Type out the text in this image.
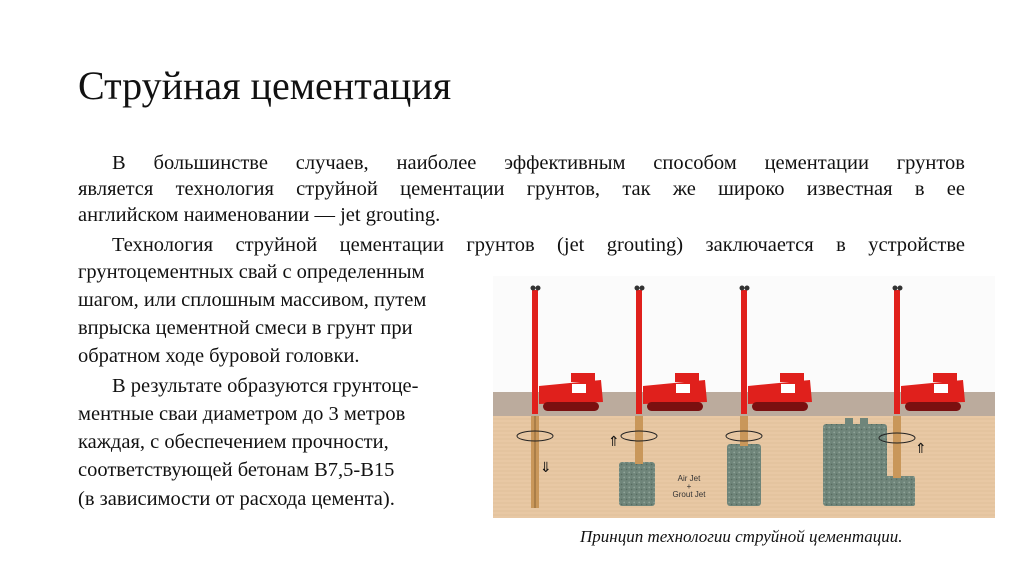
Струйная цементация
В большинстве случаев, наиболее эффективным способом цементации грунтов
является технология струйной цементации грунтов, так же широко известная в ее
английском наименовании — jet grouting.
Технология струйной цементации грунтов (jet grouting) заключается в устройстве
грунтоцементных свай с определенным
шагом, или сплошным массивом, путем
впрыска цементной смеси в грунт при
обратном ходе буровой головки.
В результате образуются грунтоце-
ментные сваи диаметром до 3 метров
каждая, с обеспечением прочности,
соответствующей бетонам В7,5-В15
(в зависимости от расхода цемента).
⇓
⇑
Air Jet
+
Grout Jet
⇑
Принцип технологии струйной цементации.
